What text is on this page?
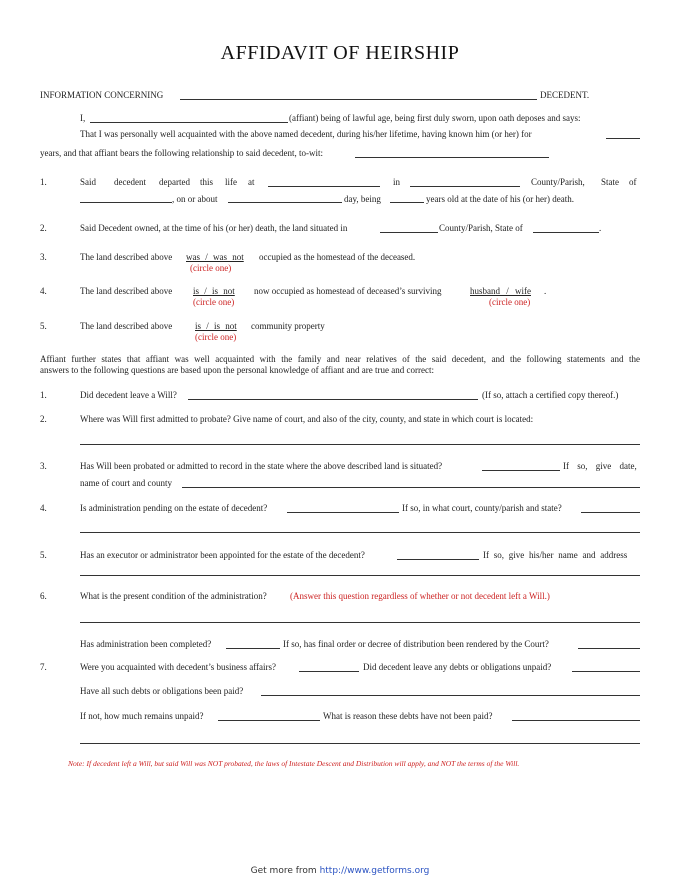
AFFIDAVIT OF HEIRSHIP
INFORMATION CONCERNING	DECEDENT.
I,	(affiant) being of lawful age, being first duly sworn, upon oath deposes and says:
That I was personally well acquainted with the above named decedent, during his/her lifetime, having known him (or her) for
years, and that affiant bears the following relationship to said decedent, to-wit:
1.	Said decedent departed this life at	in	County/Parish, State of
, on or about	day, being	years old at the date of his (or her) death.
2.	Said Decedent owned, at the time of his (or her) death, the land situated in	County/Parish, State of	.
3.	The land described above was / was not occupied as the homestead of the deceased.
(circle one)
4.	The land described above is / is not now occupied as homestead of deceased’s surviving	husband / wife .
(circle one)	(circle one)
5.	The land described above	is / is not community property
(circle one)
Affiant further states that affiant was well acquainted with the family and near relatives of the said decedent, and the following statements and the
answers to the following questions are based upon the personal knowledge of affiant and are true and correct:
1.	Did decedent leave a Will?	(If so, attach a certified copy thereof.)
2.	Where was Will first admitted to probate? Give name of court, and also of the city, county, and state in which court is located:
3.	Has Will been probated or admitted to record in the state where the above described land is situated?	If so, give date,
name of court and county
4.	Is administration pending on the estate of decedent?	If so, in what court, county/parish and state?
5.	Has an executor or administrator been appointed for the estate of the decedent?	If so, give his/her name and address
6.	What is the present condition of the administration?	(Answer this question regardless of whether or not decedent left a Will.)
Has administration been completed?	If so, has final order or decree of distribution been rendered by the Court?
7.	Were you acquainted with decedent’s business affairs?	Did decedent leave any debts or obligations unpaid?
Have all such debts or obligations been paid?
If not, how much remains unpaid?	What is reason these debts have not been paid?
Note: If decedent left a Will, but said Will was NOT probated, the laws of Intestate Descent and Distribution will apply, and NOT the terms of the Will.
Get more from http://www.getforms.org
